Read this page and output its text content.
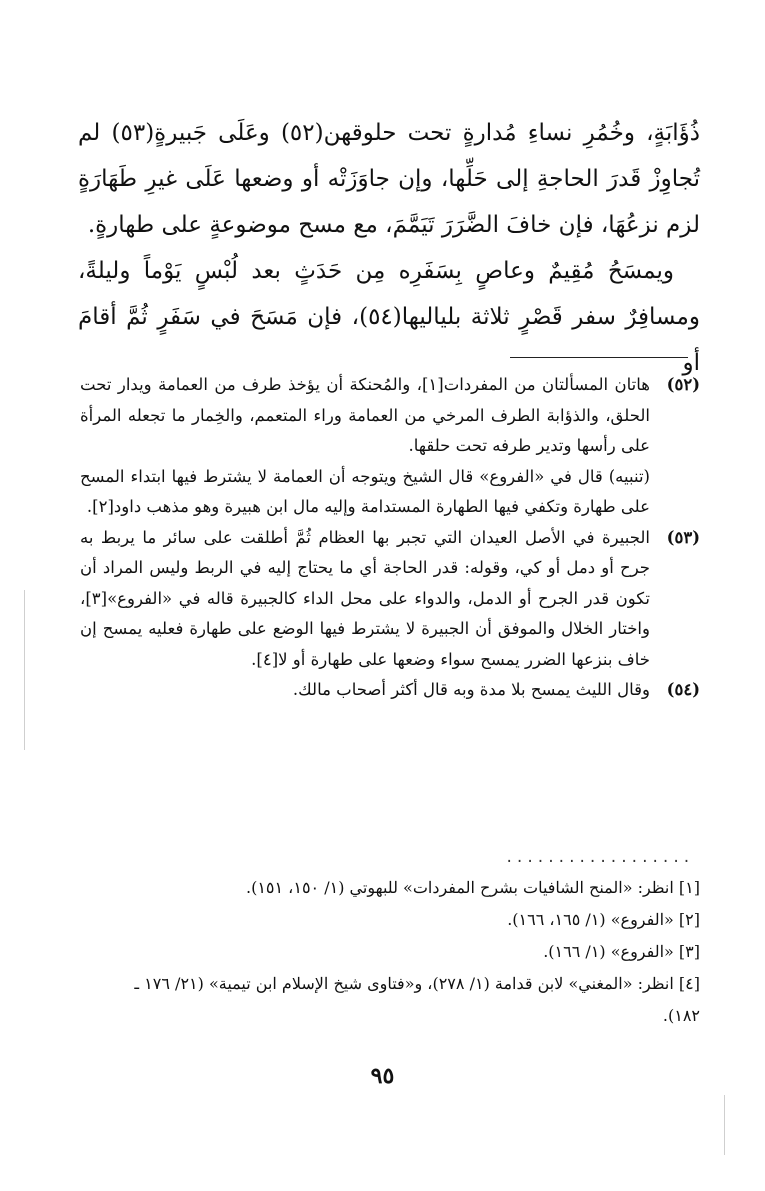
ذُؤَابَةٍ، وخُمُرِ نساءِ مُدارةٍ تحت حلوقهن(٥٢) وعَلَى جَبيرةٍ(٥٣) لم تُجاوِزْ قَدرَ الحاجةِ إلى حَلِّها، وإن جاوَزَتْه أو وضعها عَلَى غيرِ طَهَارَةٍ لزم نزعُهَا، فإن خافَ الضَّرَرَ تَيَمَّمَ، مع مسح موضوعةٍ على طهارةٍ.

ويمسَحُ مُقِيمٌ وعاصٍ بِسَفَرِه مِن حَدَثٍ بعد لُبْسٍ يَوْماً وليلةً، ومسافِرٌ سفر قَصْرٍ ثلاثة بلياليها(٥٤)، فإن مَسَحَ في سَفَرٍ ثُمَّ أقامَ أو

(٥٢)

هاتان المسألتان من المفردات[١]، والمُحنكة أن يؤخذ طرف من العمامة ويدار تحت الحلق، والذؤابة الطرف المرخي من العمامة وراء المتعمم، والخِمار ما تجعله المرأة على رأسها وتدير طرفه تحت حلقها.

(تنبيه) قال في «الفروع» قال الشيخ ويتوجه أن العمامة لا يشترط فيها ابتداء المسح على طهارة وتكفي فيها الطهارة المستدامة وإليه مال ابن هبيرة وهو مذهب داود[٢].

(٥٣)

الجبيرة في الأصل العيدان التي تجبر بها العظام ثُمَّ أطلقت على سائر ما يربط به جرح أو دمل أو كي، وقوله: قدر الحاجة أي ما يحتاج إليه في الربط وليس المراد أن تكون قدر الجرح أو الدمل، والدواء على محل الداء كالجبيرة قاله في «الفروع»[٣]، واختار الخلال والموفق أن الجبيرة لا يشترط فيها الوضع على طهارة فعليه يمسح إن خاف بنزعها الضرر يمسح سواء وضعها على طهارة أو لا[٤].

(٥٤)

وقال الليث يمسح بلا مدة وبه قال أكثر أصحاب مالك.

..................

[١] انظر: «المنح الشافيات بشرح المفردات» للبهوتي (١/ ١٥٠، ١٥١).

[٢] «الفروع» (١/ ١٦٥، ١٦٦).

[٣] «الفروع» (١/ ١٦٦).

[٤] انظر: «المغني» لابن قدامة (١/ ٢٧٨)، و«فتاوى شيخ الإسلام ابن تيمية» (٢١/ ١٧٦ ـ ١٨٢).

٩٥
